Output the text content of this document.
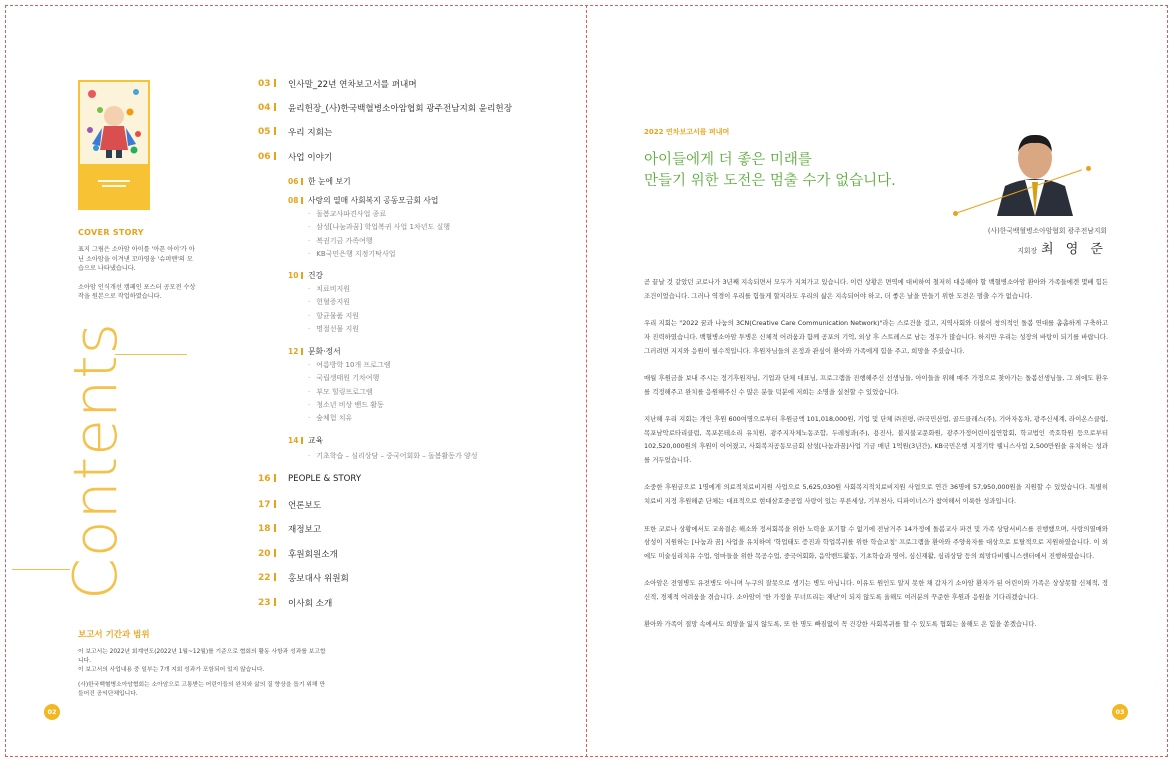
COVER STORY

표지 그림은 소아암 아이를 '아픈 아이'가 아닌 소아암을 이겨낸 꼬마영웅 '슈퍼맨'의 모습으로 나타냈습니다.

소아암 인식개선 캠페인 포스터 공모전 수상작을 원본으로 작업하였습니다.

Contents
03	인사말_22년 연차보고서를 펴내며
04	윤리헌장_(사)한국백혈병소아암협회 광주전남지회 윤리헌장
05	우리 지회는
06	사업 이야기
06	한 눈에 보기
08	사랑의 열매 사회복지 공동모금회 사업
· 돌봄교사파견사업 종료
· 삼성[나눔과꿈] 학업복귀 사업 1차년도 실행
· 복권기금 가족여행
· KB국민은행 지정기탁사업
10	건강
· 치료비지원
· 헌혈증지원
· 항균물품 지원
· 명절선물 지원
12	문화·정서
· 여름방학 10개 프로그램
· 국립생태원 기차여행
· 부모 힐링프로그램
· 청소년 비상 밴드 활동
· 숲체험 치유
14	교육
· 기초학습 – 심리상담 – 중국어회화 – 돌봄활동가 양성
16	PEOPLE & STORY
17	언론보도
18	재정보고
20	후원회원소개
22	홍보대사 위원회
23	이사회 소개
보고서 기간과 범위

이 보고서는 2022년 회계연도(2022년 1월~12월)를 기준으로 협회의 활동 사항과 성과를 보고합니다.
이 보고서의 사업내용 중 일부는 7개 지회 성과가 포함되어 있지 않습니다.

(사)한국백혈병소아암협회는 소아암으로 고통받는 어린이들의 완치와 삶의 질 향상을 돕기 위해 만들어진 공익단체입니다.

02
2022 연차보고서를 펴내며
아이들에게 더 좋은 미래를
만들기 위한 도전은 멈출 수가 없습니다.
(사)한국백혈병소아암협회 광주전남지회
지회장 최 영 준

곧 끝날 것 같았던 코로나가 3년째 지속되면서 모두가 지쳐가고 있습니다. 이런 상황은 면역에 대비하여 철저히 대응해야 할 백혈병소아암 환아와 가족들에겐 몇배 힘든 조건이었습니다. 그러나 역경이 우리를 힘들게 할지라도 우리의 삶은 지속되어야 하고, 더 좋은 날을 만들기 위한 도전은 멈출 수가 없습니다.

우리 지회는 "2022 꿈과 나눔의 3CN(Creative Care Communication Network)"라는 스로건을 걸고, 지역사회와 더불어 창의적인 돌봄 연대를 촘촘하게 구축하고자 진력하였습니다. 백혈병소아암 투병은 신체적 어려움과 함께 공포의 기억, 외상 후 스트레스로 남는 경우가 많습니다. 하지만 우리는 성장의 바탕이 되기를 바랍니다. 그러려면 지지와 응원이 필수적입니다. 후원자님들의 온정과 관심이 환아와 가족에게 힘을 주고, 희망을 주셨습니다.

매월 후원금을 보내 주시는 정기후원자님, 기업과 단체 대표님, 프로그램을 진행해주신 선생님들, 아이들을 위해 매주 가정으로 찾아가는 돌봄선생님들, 그 외에도 환우를 걱정해주고 완치를 응원해주신 수 많은 분들 덕분에 저희는 소명을 실천할 수 있었습니다.

지난해 우리 지회는 개인 후원 600여명으로부터 후원금액 101,018,000원, 기업 및 단체 ㈜진평, ㈜국민산업, 골드클래스(주), 기아자동차, 광주신세계, 라이온스클럽, 목포남악로타리클럽, 목포몬테소리 유치원, 광주지자체노동조합, 두레청과(주), 용진사, 불지불교문화원, 광주가정어린이집연합회, 학교법인 죽호학원 등으로부터 102,520,000원의 후원이 이어졌고, 사회복지공동모금회 삼성[나눔과꿈]사업 기금 매년 1억원(3년간), KB국민은행 지정기탁 웰니스사업 2,500만원을 유치하는 성과를 거두었습니다.

소중한 후원금으로 1명에게 의료적치료비지원 사업으로 5,625,030원 사회복지적치료비지원 사업으로 연간 36명에 57,950,000원을 지원할 수 있었습니다. 특별히 치료비 지정 후원해준 단체는 대표적으로 현대삼호중공업 사랑이 있는 푸른세상, 기부천사, 디파이너스가 참여해서 이룩한 성과입니다.

또한 코로나 상황에서도 교육결손 해소와 정서회복을 위한 노력을 포기할 수 없기에 전남거주 14가정에 돌봄교사 파견 및 가족 상담서비스를 진행했으며, 사랑의열매와 삼성이 지원하는 [나눔과 꿈] 사업을 유치하여 '학업태도 증진과 학업복귀를 위한 학습코칭' 프로그램을 환아와 주양육자를 대상으로 토탈적으로 지원하였습니다. 이 외에도 미술심리치유 수업, 엄마들을 위한 목공수업, 중국어회화, 음악밴드활동, 기초학습과 영어, 심신재활, 심리상담 등의 희망다비웰니스센터에서 진행하였습니다.

소아암은 전염병도 유전병도 아니며 누구의 잘못으로 생기는 병도 아닙니다. 이유도 원인도 알지 못한 채 갑자기 소아암 환자가 된 어린이와 가족은 상상못할 신체적, 정신적, 경제적 어려움을 겪습니다. 소아암이 '한 가정을 무너뜨리는 재난'이 되지 않도록 올해도 여러분의 꾸준한 후원과 응원을 기다리겠습니다.

환아와 가족이 절망 속에서도 희망을 잃지 않도록, 또 한 명도 빠짐없이 꼭 건강한 사회복귀를 할 수 있도록 협회는 올해도 온 힘을 쏟겠습니다.

03
